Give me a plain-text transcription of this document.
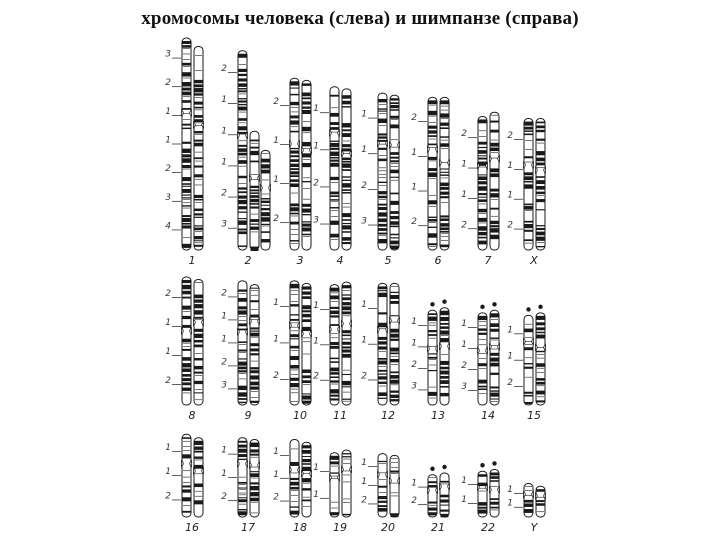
хромосомы человека (слева) и шимпанзе (справа)
3
2
1
1
2
3
4
1
2
1
1
1
2
3
2
2
1
1
2
3
1
1
2
3
4
1
1
2
3
5
2
1
1
2
6
2
1
1
2
7
2
1
1
2
X
2
1
1
2
8
2
1
1
2
3
9
1
1
2
10
1
1
2
11
1
1
2
12
1
1
2
3
13
1
1
2
3
14
1
1
2
15
1
1
2
16
1
1
2
17
1
1
2
18
1
1
19
1
1
2
20
1
2
21
1
1
22
1
1
Y
